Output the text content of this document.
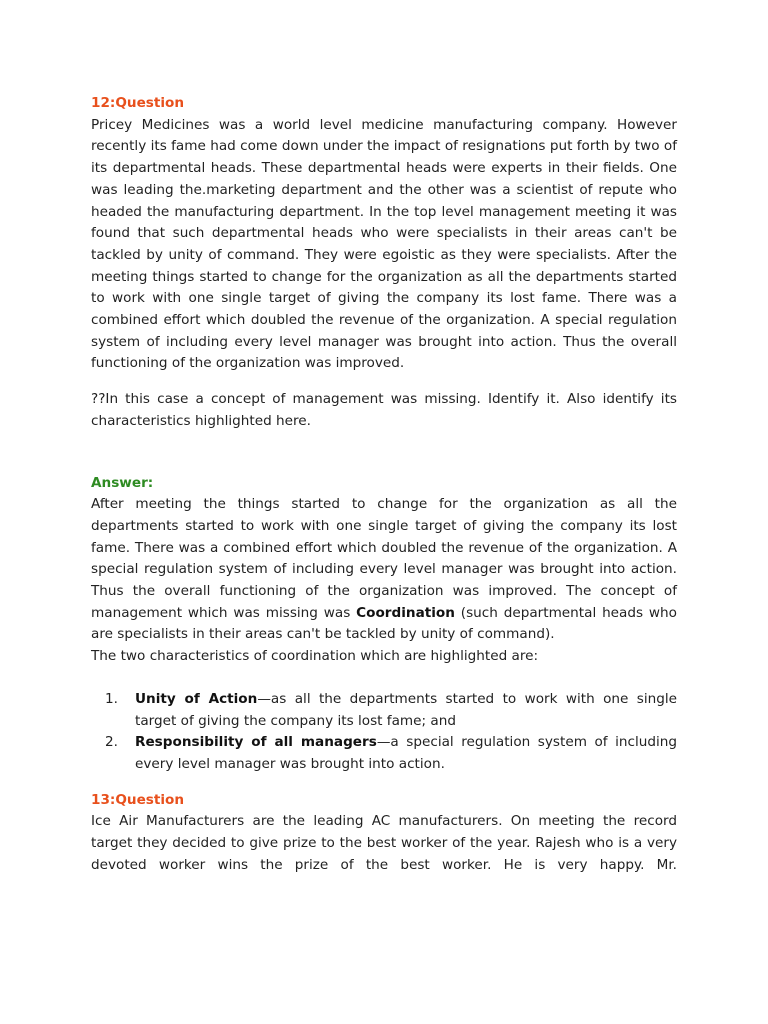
12:Question

Pricey Medicines was a world level medicine manufacturing company. However recently its fame had come down under the impact of resignations put forth by two of its departmental heads. These departmental heads were experts in their fields. One was leading the.marketing department and the other was a scientist of repute who headed the manufacturing department. In the top level management meeting it was found that such departmental heads who were specialists in their areas can't be tackled by unity of command. They were egoistic as they were specialists. After the meeting things started to change for the organization as all the departments started to work with one single target of giving the company its lost fame. There was a combined effort which doubled the revenue of the organization. A special regulation system of including every level manager was brought into action. Thus the overall functioning of the organization was improved.

??In this case a concept of management was missing. Identify it. Also identify its characteristics highlighted here.

Answer:

After meeting the things started to change for the organization as all the departments started to work with one single target of giving the company its lost fame. There was a combined effort which doubled the revenue of the organization. A special regulation system of including every level manager was brought into action. Thus the overall functioning of the organization was improved. The concept of management which was missing was Coordination (such departmental heads who are specialists in their areas can't be tackled by unity of command).

The two characteristics of coordination which are highlighted are:

1. Unity of Action—as all the departments started to work with one single target of giving the company its lost fame; and
2. Responsibility of all managers—a special regulation system of including every level manager was brought into action.

13:Question

Ice Air Manufacturers are the leading AC manufacturers. On meeting the record target they decided to give prize to the best worker of the year. Rajesh who is a very devoted worker wins the prize of the best worker. He is very happy. Mr.
